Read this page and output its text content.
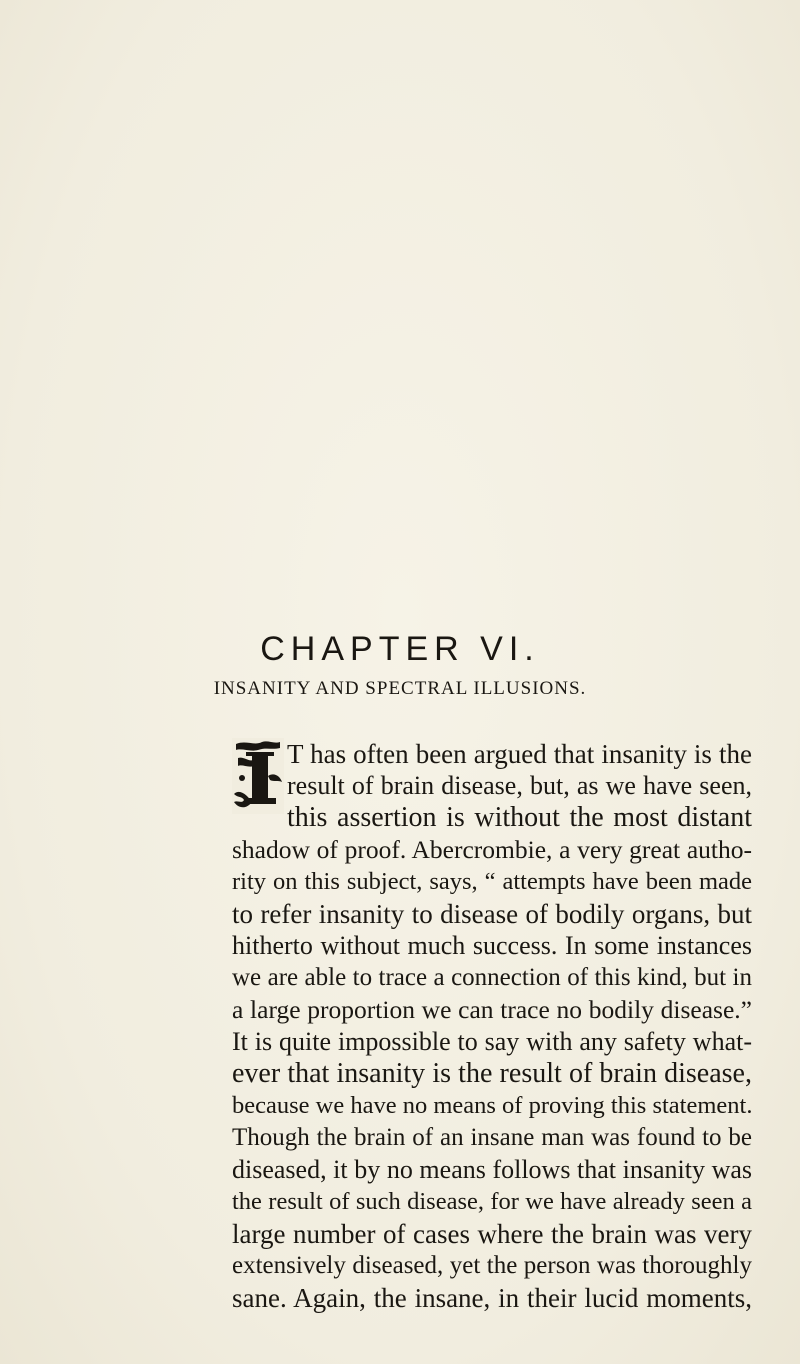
CHAPTER VI.
INSANITY AND SPECTRAL ILLUSIONS.

T has often been argued that insanity is the

result of brain disease, but, as we have seen,

this assertion is without the most distant

shadow of proof. Abercrombie, a very great autho-

rity on this subject, says, “ attempts have been made

to refer insanity to disease of bodily organs, but

hitherto without much success. In some instances

we are able to trace a connection of this kind, but in

a large proportion we can trace no bodily disease.”

It is quite impossible to say with any safety what-

ever that insanity is the result of brain disease,

because we have no means of proving this statement.

Though the brain of an insane man was found to be

diseased, it by no means follows that insanity was

the result of such disease, for we have already seen a

large number of cases where the brain was very

extensively diseased, yet the person was thoroughly

sane. Again, the insane, in their lucid moments,
